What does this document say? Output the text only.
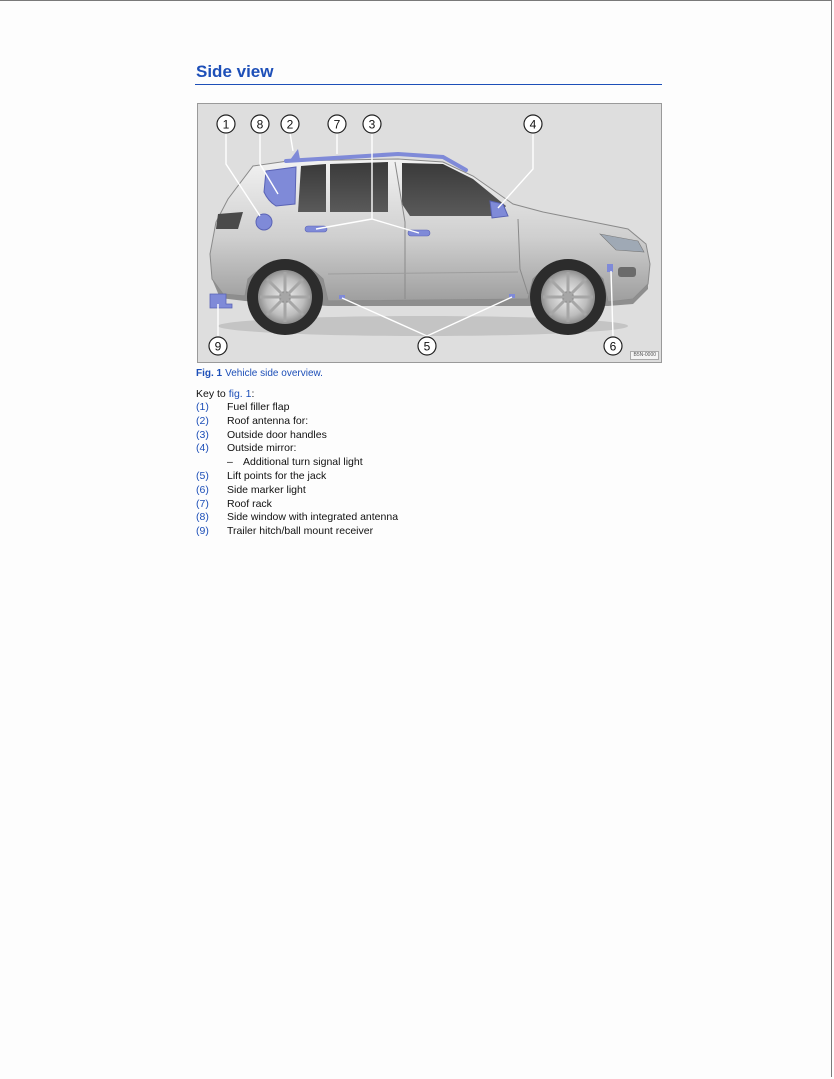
Side view
1 8 2	7 3	4
9	5	6
B5N-0000
Fig. 1 Vehicle side overview.
Key to fig. 1:
(1) Fuel filler flap
(2) Roof antenna for:
(3) Outside door handles
(4) Outside mirror:
– Additional turn signal light
(5) Lift points for the jack
(6) Side marker light
(7) Roof rack
(8) Side window with integrated antenna
(9) Trailer hitch/ball mount receiver
